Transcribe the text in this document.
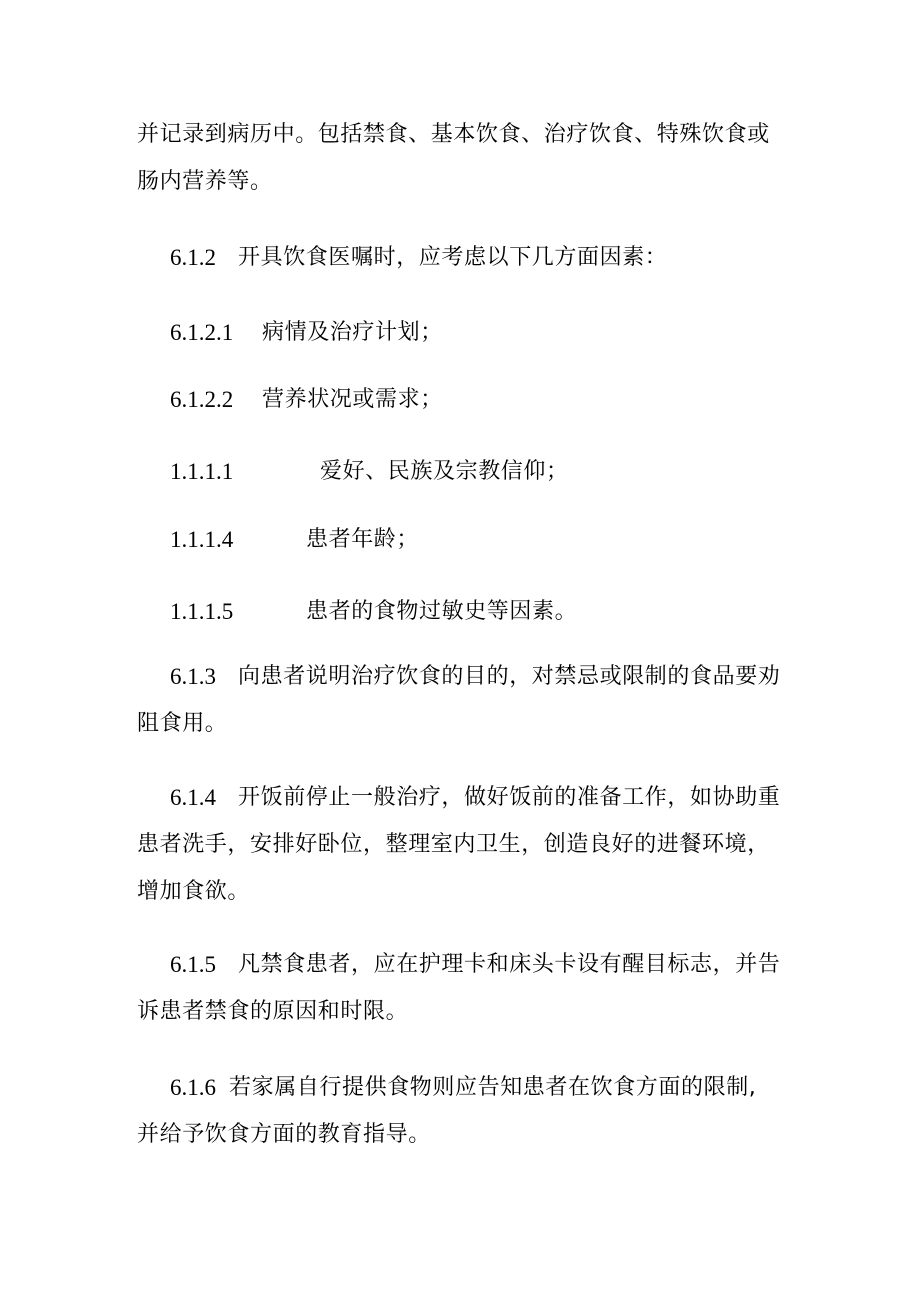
并记录到病历中。包括禁食、基本饮食、治疗饮食、特殊饮食或
肠内营养等。
6.1.2 开具饮食医嘱时，应考虑以下几方面因素：
6.1.2.1 病情及治疗计划；
6.1.2.2 营养状况或需求；
1.1.1.1	爱好、民族及宗教信仰；
1.1.1.4	患者年龄；
1.1.1.5	患者的食物过敏史等因素。
6.1.3 向患者说明治疗饮食的目的，对禁忌或限制的食品要劝
阻食用。
6.1.4 开饭前停止一般治疗，做好饭前的准备工作，如协助重
患者洗手，安排好卧位，整理室内卫生，创造良好的进餐环境，
增加食欲。
6.1.5 凡禁食患者，应在护理卡和床头卡设有醒目标志，并告
诉患者禁食的原因和时限。
6.1.6 若家属自行提供食物则应告知患者在饮食方面的限制,
并给予饮食方面的教育指导。
